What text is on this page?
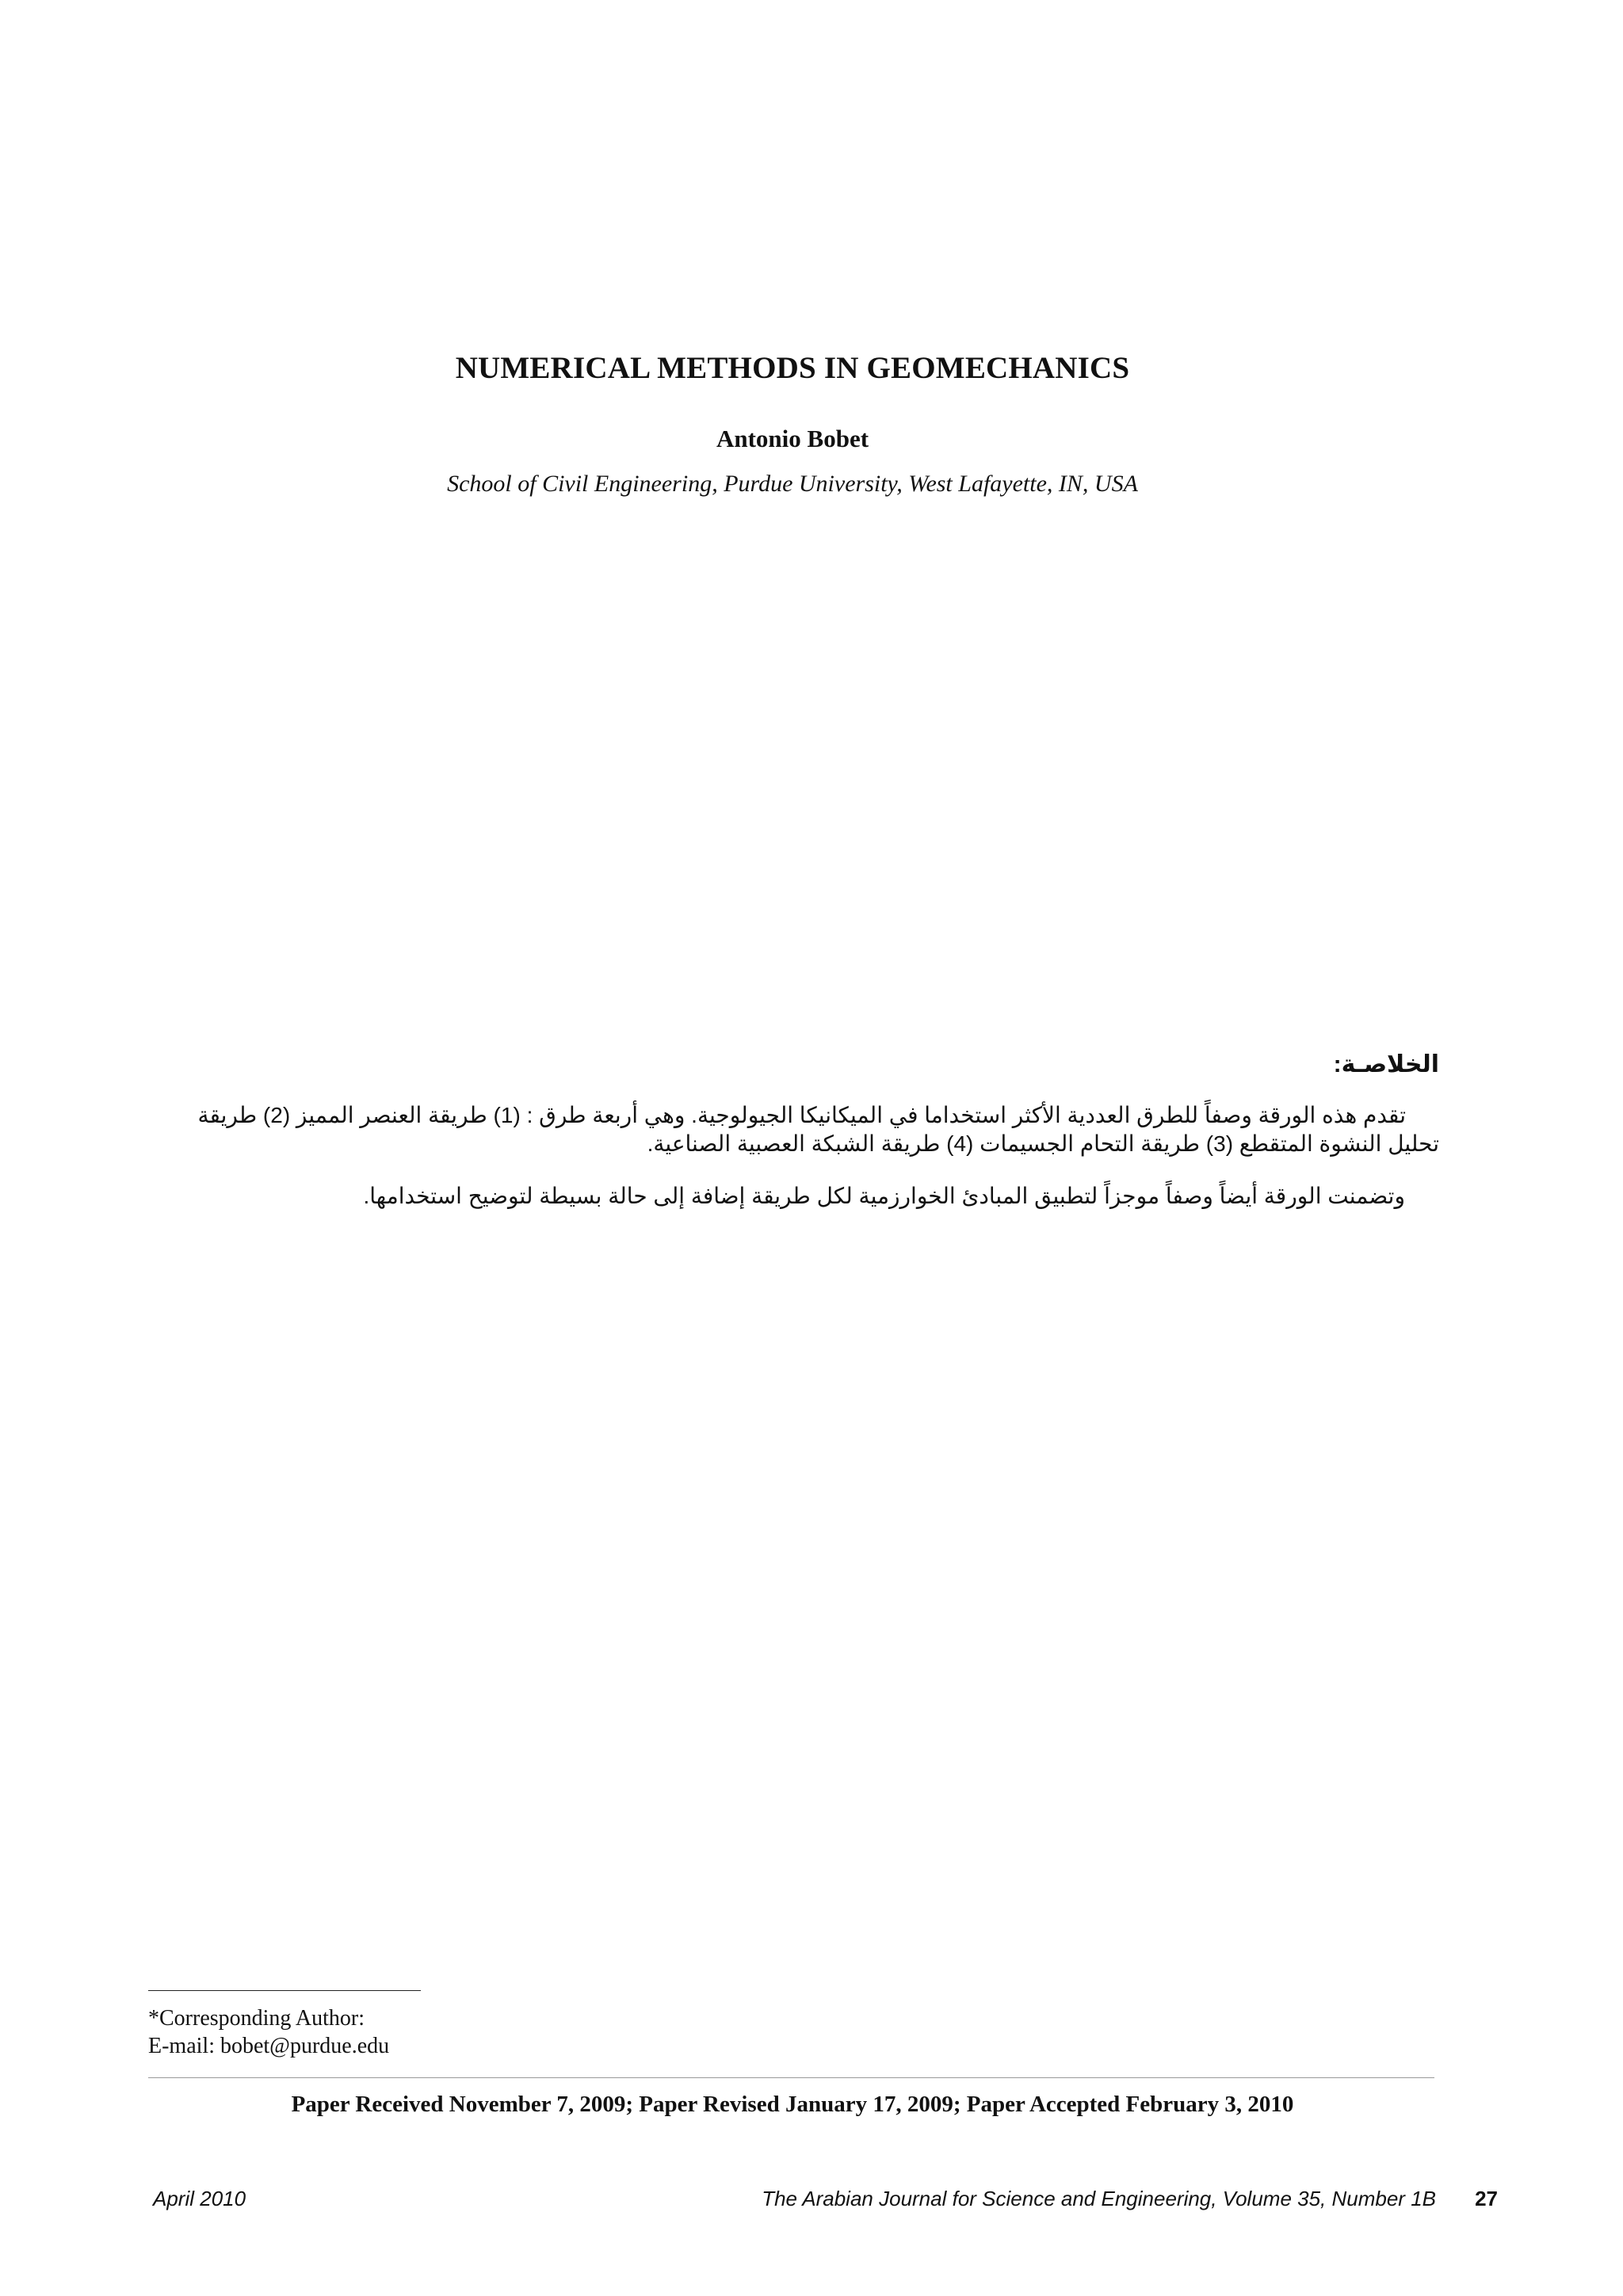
NUMERICAL METHODS IN GEOMECHANICS
Antonio Bobet
School of Civil Engineering, Purdue University, West Lafayette, IN, USA
الخلاصـة:
تقدم هذه الورقة وصفاً للطرق العددية الأكثر استخداما في الميكانيكا الجيولوجية. وهي أربعة طرق : (1) طريقة العنصر المميز (2) طريقة تحليل النشوة المتقطع (3) طريقة التحام الجسيمات (4) طريقة الشبكة العصبية الصناعية.
وتضمنت الورقة أيضاً وصفاً موجزاً لتطبيق المبادئ الخوارزمية لكل طريقة إضافة إلى حالة بسيطة لتوضيح استخدامها.
*Corresponding Author:
E-mail: bobet@purdue.edu
Paper Received November 7, 2009; Paper Revised January 17, 2009; Paper Accepted February 3, 2010
April 2010	The Arabian Journal for Science and Engineering, Volume 35, Number 1B 27
